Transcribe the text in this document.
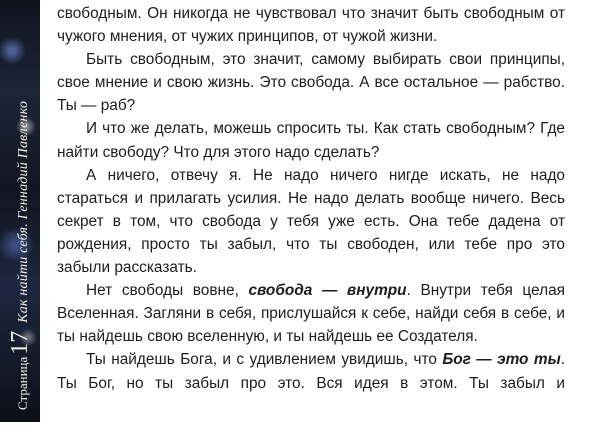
Страница
17
Как найти себя. Геннадий Павленко

свободным. Он никогда не чувствовал что значит быть свободным от чужого мнения, от чужих принципов, от чужой жизни.

Быть свободным, это значит, самому выбирать свои принципы, свое мнение и свою жизнь. Это свобода. А все остальное — рабство. Ты — раб?

И что же делать, можешь спросить ты. Как стать свободным? Где найти свободу? Что для этого надо сделать?

А ничего, отвечу я. Не надо ничего нигде искать, не надо стараться и прилагать усилия. Не надо делать вообще ничего. Весь секрет в том, что свобода у тебя уже есть. Она тебе дадена от рождения, просто ты забыл, что ты свободен, или тебе про это забыли рассказать.

Нет свободы вовне, свобода — внутри. Внутри тебя целая Вселенная. Загляни в себя, прислушайся к себе, найди себя в себе, и ты найдешь свою вселенную, и ты найдешь ее Создателя.

Ты найдешь Бога, и с удивлением увидишь, что Бог — это ты. Ты Бог, но ты забыл про это. Вся идея в этом. Ты забыл и
